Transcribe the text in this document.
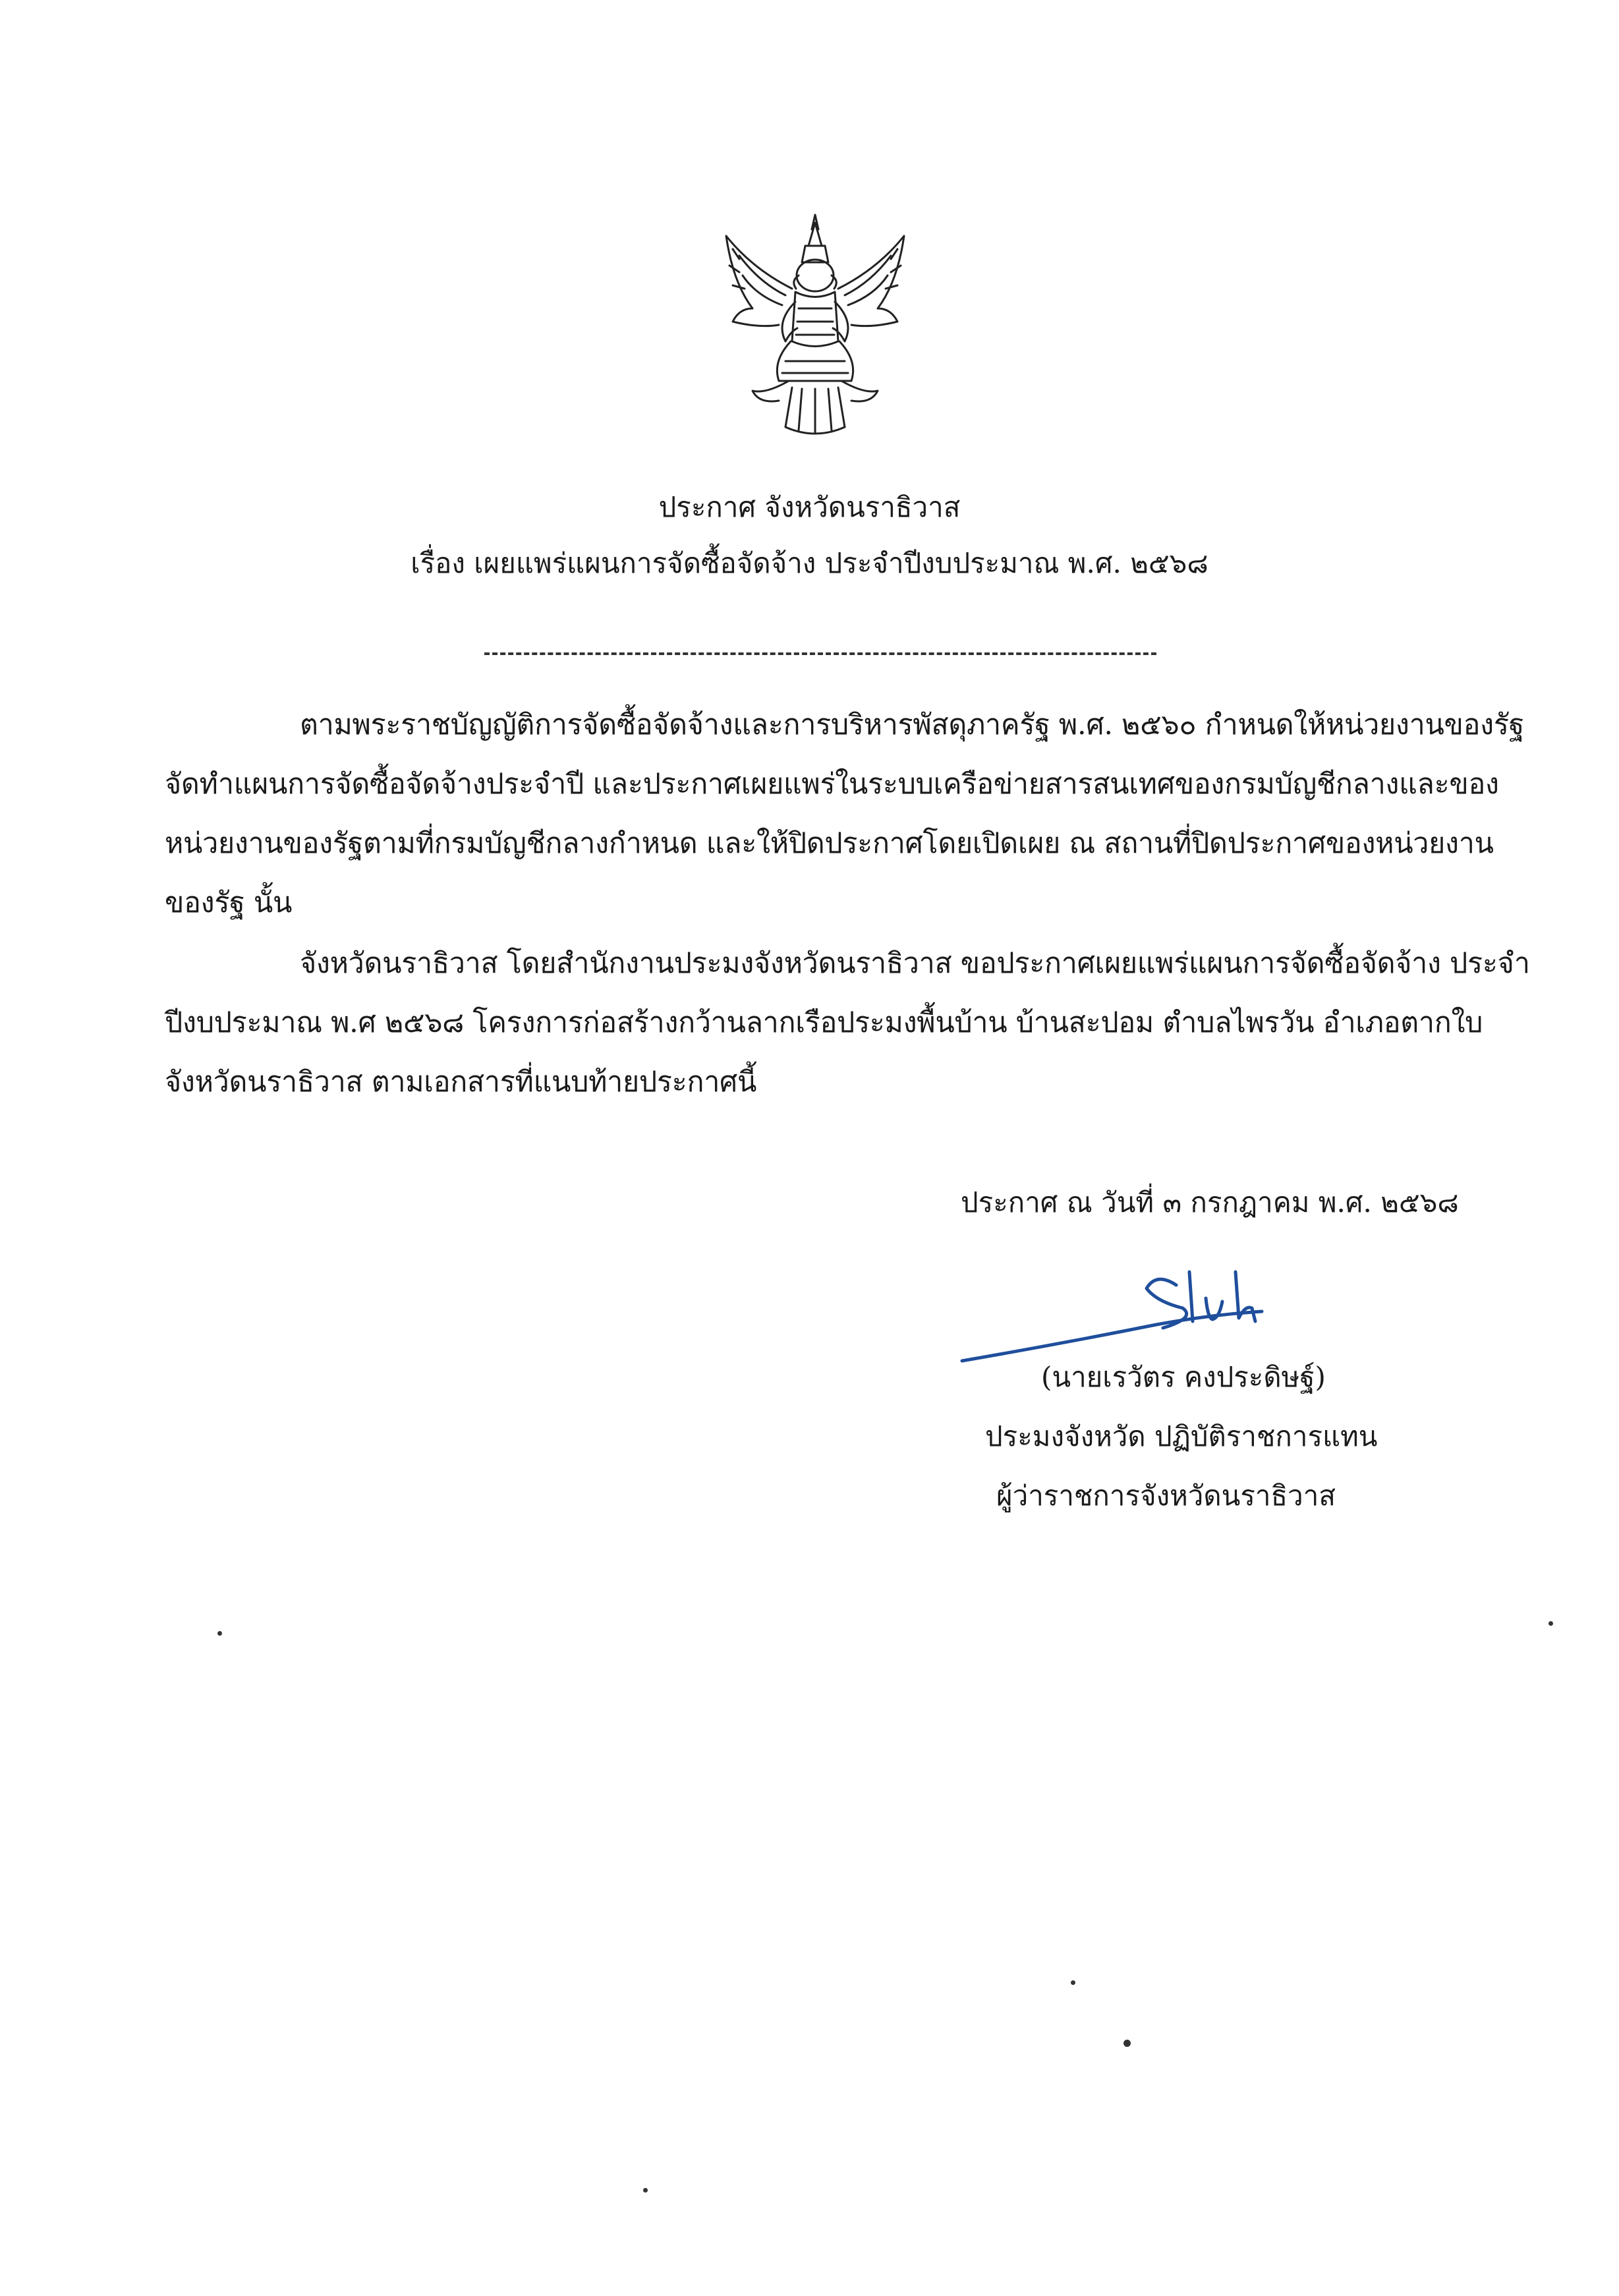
ประกาศ จังหวัดนราธิวาส
เรื่อง เผยแพร่แผนการจัดซื้อจัดจ้าง ประจำปีงบประมาณ พ.ศ. ๒๕๖๘
ตามพระราชบัญญัติการจัดซื้อจัดจ้างและการบริหารพัสดุภาครัฐ พ.ศ. ๒๕๖๐ กำหนดให้หน่วยงานของรัฐ
จัดทำแผนการจัดซื้อจัดจ้างประจำปี และประกาศเผยแพร่ในระบบเครือข่ายสารสนเทศของกรมบัญชีกลางและของ
หน่วยงานของรัฐตามที่กรมบัญชีกลางกำหนด และให้ปิดประกาศโดยเปิดเผย ณ สถานที่ปิดประกาศของหน่วยงาน
ของรัฐ นั้น
จังหวัดนราธิวาส โดยสำนักงานประมงจังหวัดนราธิวาส ขอประกาศเผยแพร่แผนการจัดซื้อจัดจ้าง ประจำ
ปีงบประมาณ พ.ศ ๒๕๖๘ โครงการก่อสร้างกว้านลากเรือประมงพื้นบ้าน บ้านสะปอม ตำบลไพรวัน อำเภอตากใบ
จังหวัดนราธิวาส ตามเอกสารที่แนบท้ายประกาศนี้
ประกาศ ณ วันที่ ๓ กรกฎาคม พ.ศ. ๒๕๖๘
(นายเรวัตร คงประดิษฐ์)
ประมงจังหวัด ปฏิบัติราชการแทน
ผู้ว่าราชการจังหวัดนราธิวาส
